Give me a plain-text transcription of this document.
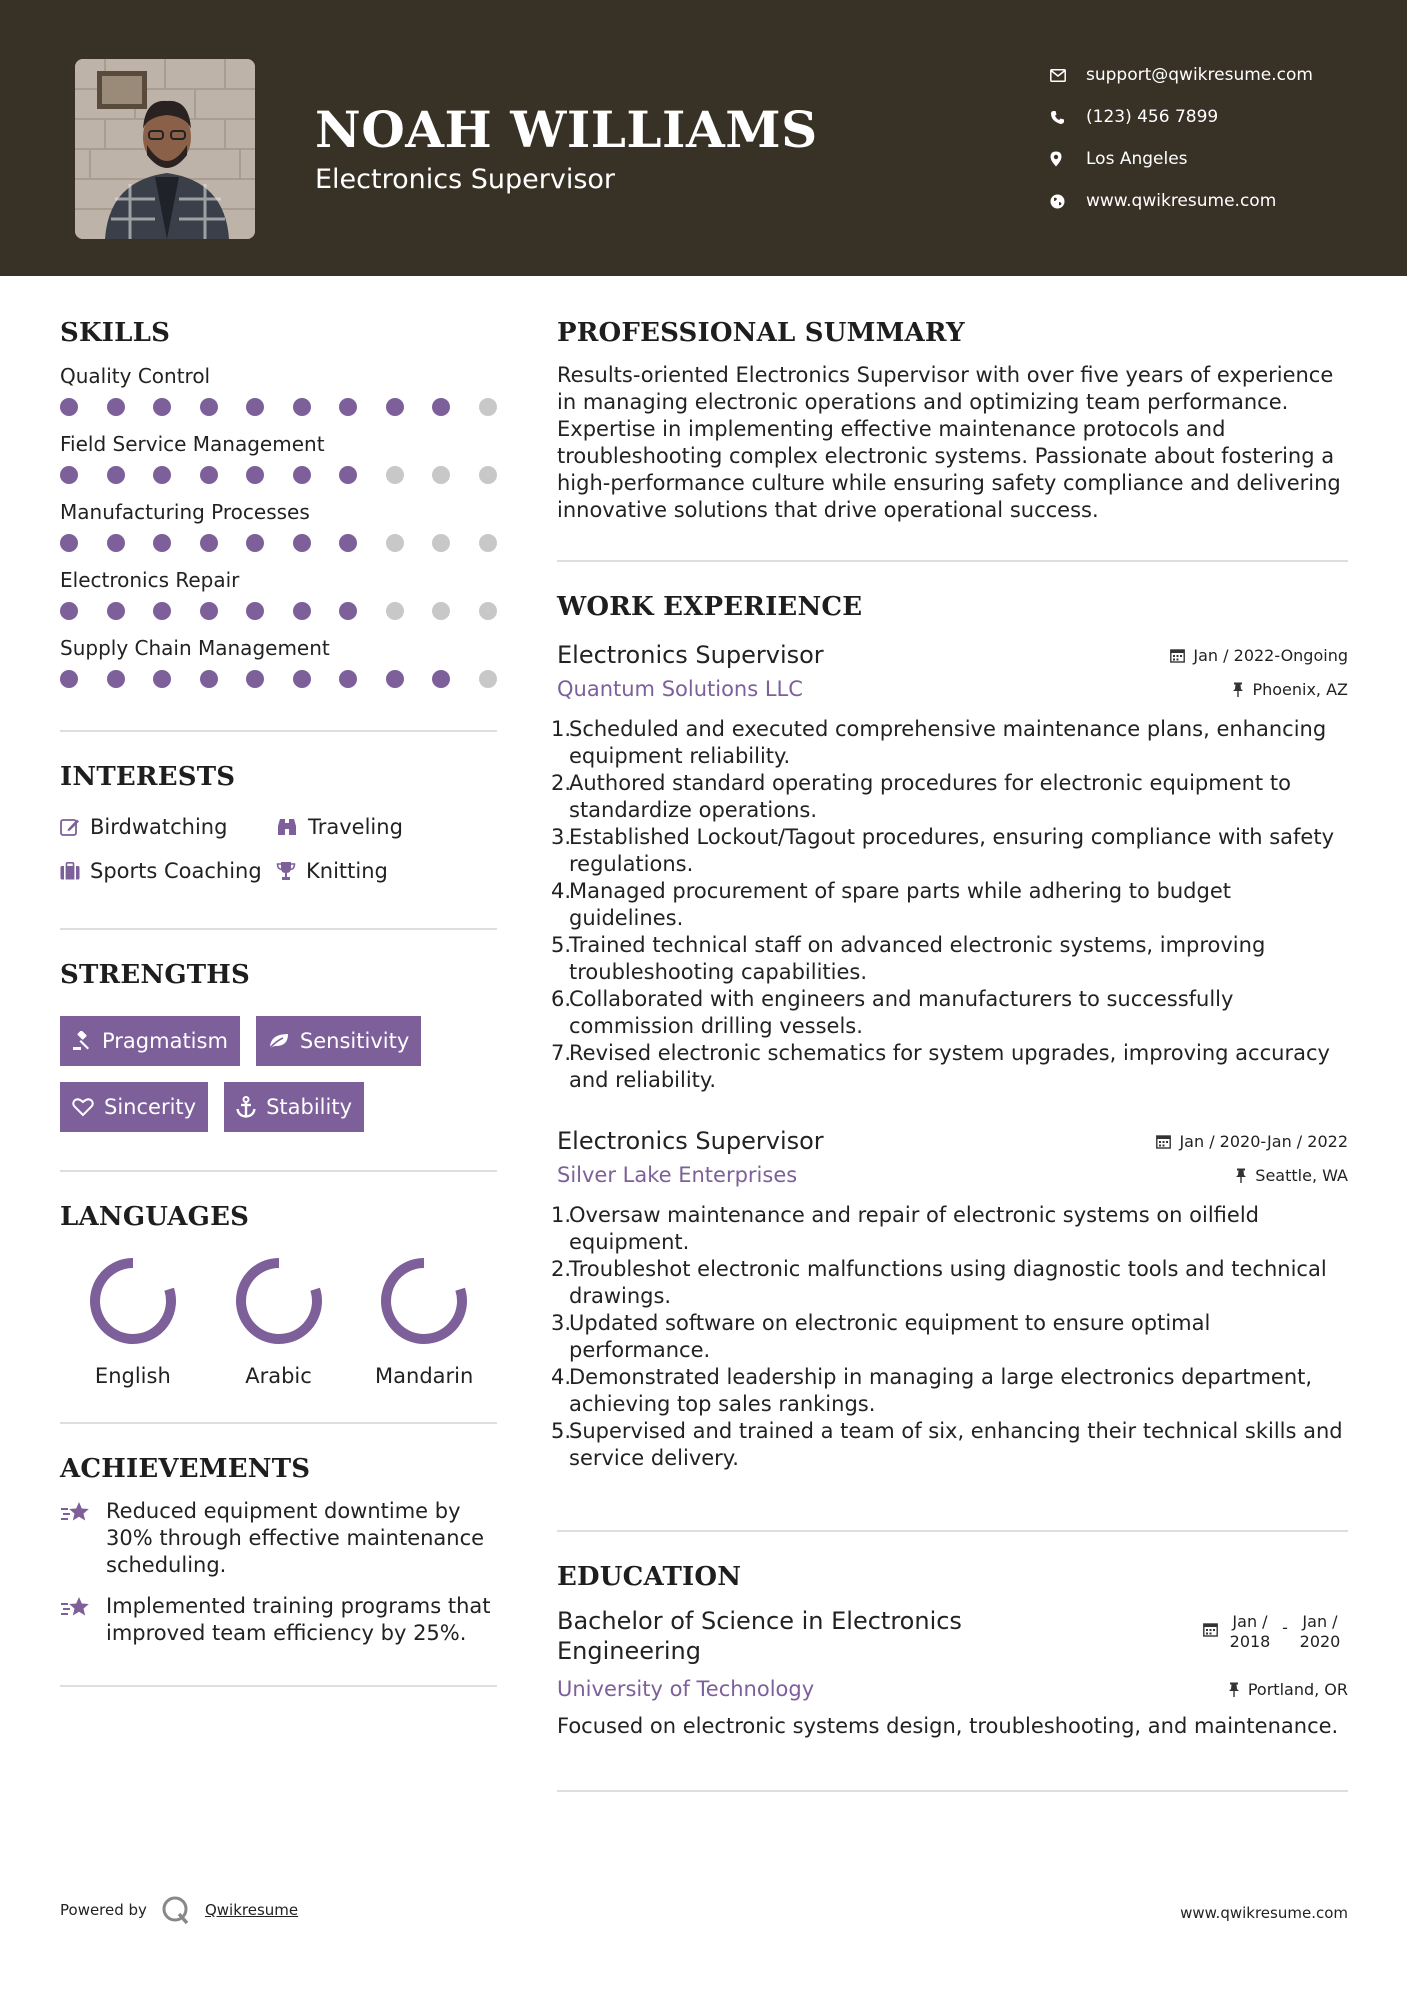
NOAH WILLIAMS
Electronics Supervisor
support@qwikresume.com
(123) 456 7899
Los Angeles
www.qwikresume.com
SKILLS
Quality Control
Field Service Management
Manufacturing Processes
Electronics Repair
Supply Chain Management
INTERESTS
Birdwatching	Traveling
Sports Coaching Knitting
STRENGTHS
Pragmatism	Sensitivity
Sincerity	Stability
LANGUAGES
English	Arabic	Mandarin
ACHIEVEMENTS
Reduced equipment downtime by 30% through effective maintenance scheduling.
Implemented training programs that improved team efficiency by 25%.
PROFESSIONAL SUMMARY
Results-oriented Electronics Supervisor with over five years of experience in managing electronic operations and optimizing team performance. Expertise in implementing effective maintenance protocols and troubleshooting complex electronic systems. Passionate about fostering a high-performance culture while ensuring safety compliance and delivering innovative solutions that drive operational success.
WORK EXPERIENCE
Electronics Supervisor	Jan / 2022-Ongoing
Quantum Solutions LLC	Phoenix, AZ
1.
Scheduled and executed comprehensive maintenance plans, enhancing equipment reliability.
2.
Authored standard operating procedures for electronic equipment to standardize operations.
3.
Established Lockout/Tagout procedures, ensuring compliance with safety regulations.
4.
Managed procurement of spare parts while adhering to budget guidelines.
5.
Trained technical staff on advanced electronic systems, improving troubleshooting capabilities.
6.
Collaborated with engineers and manufacturers to successfully commission drilling vessels.
7.
Revised electronic schematics for system upgrades, improving accuracy and reliability.
Electronics Supervisor	Jan / 2020-Jan / 2022
Silver Lake Enterprises	Seattle, WA
1.
Oversaw maintenance and repair of electronic systems on oilfield equipment.
2.
Troubleshot electronic malfunctions using diagnostic tools and technical drawings.
3.
Updated software on electronic equipment to ensure optimal performance.
4.
Demonstrated leadership in managing a large electronics department, achieving top sales rankings.
5.
Supervised and trained a team of six, enhancing their technical skills and service delivery.
EDUCATION
Bachelor of Science in Electronics Engineering
Jan / 2018
- Jan / 2020
University of Technology	Portland, OR
Focused on electronic systems design, troubleshooting, and maintenance.
Powered by	Qwikresume	www.qwikresume.com
